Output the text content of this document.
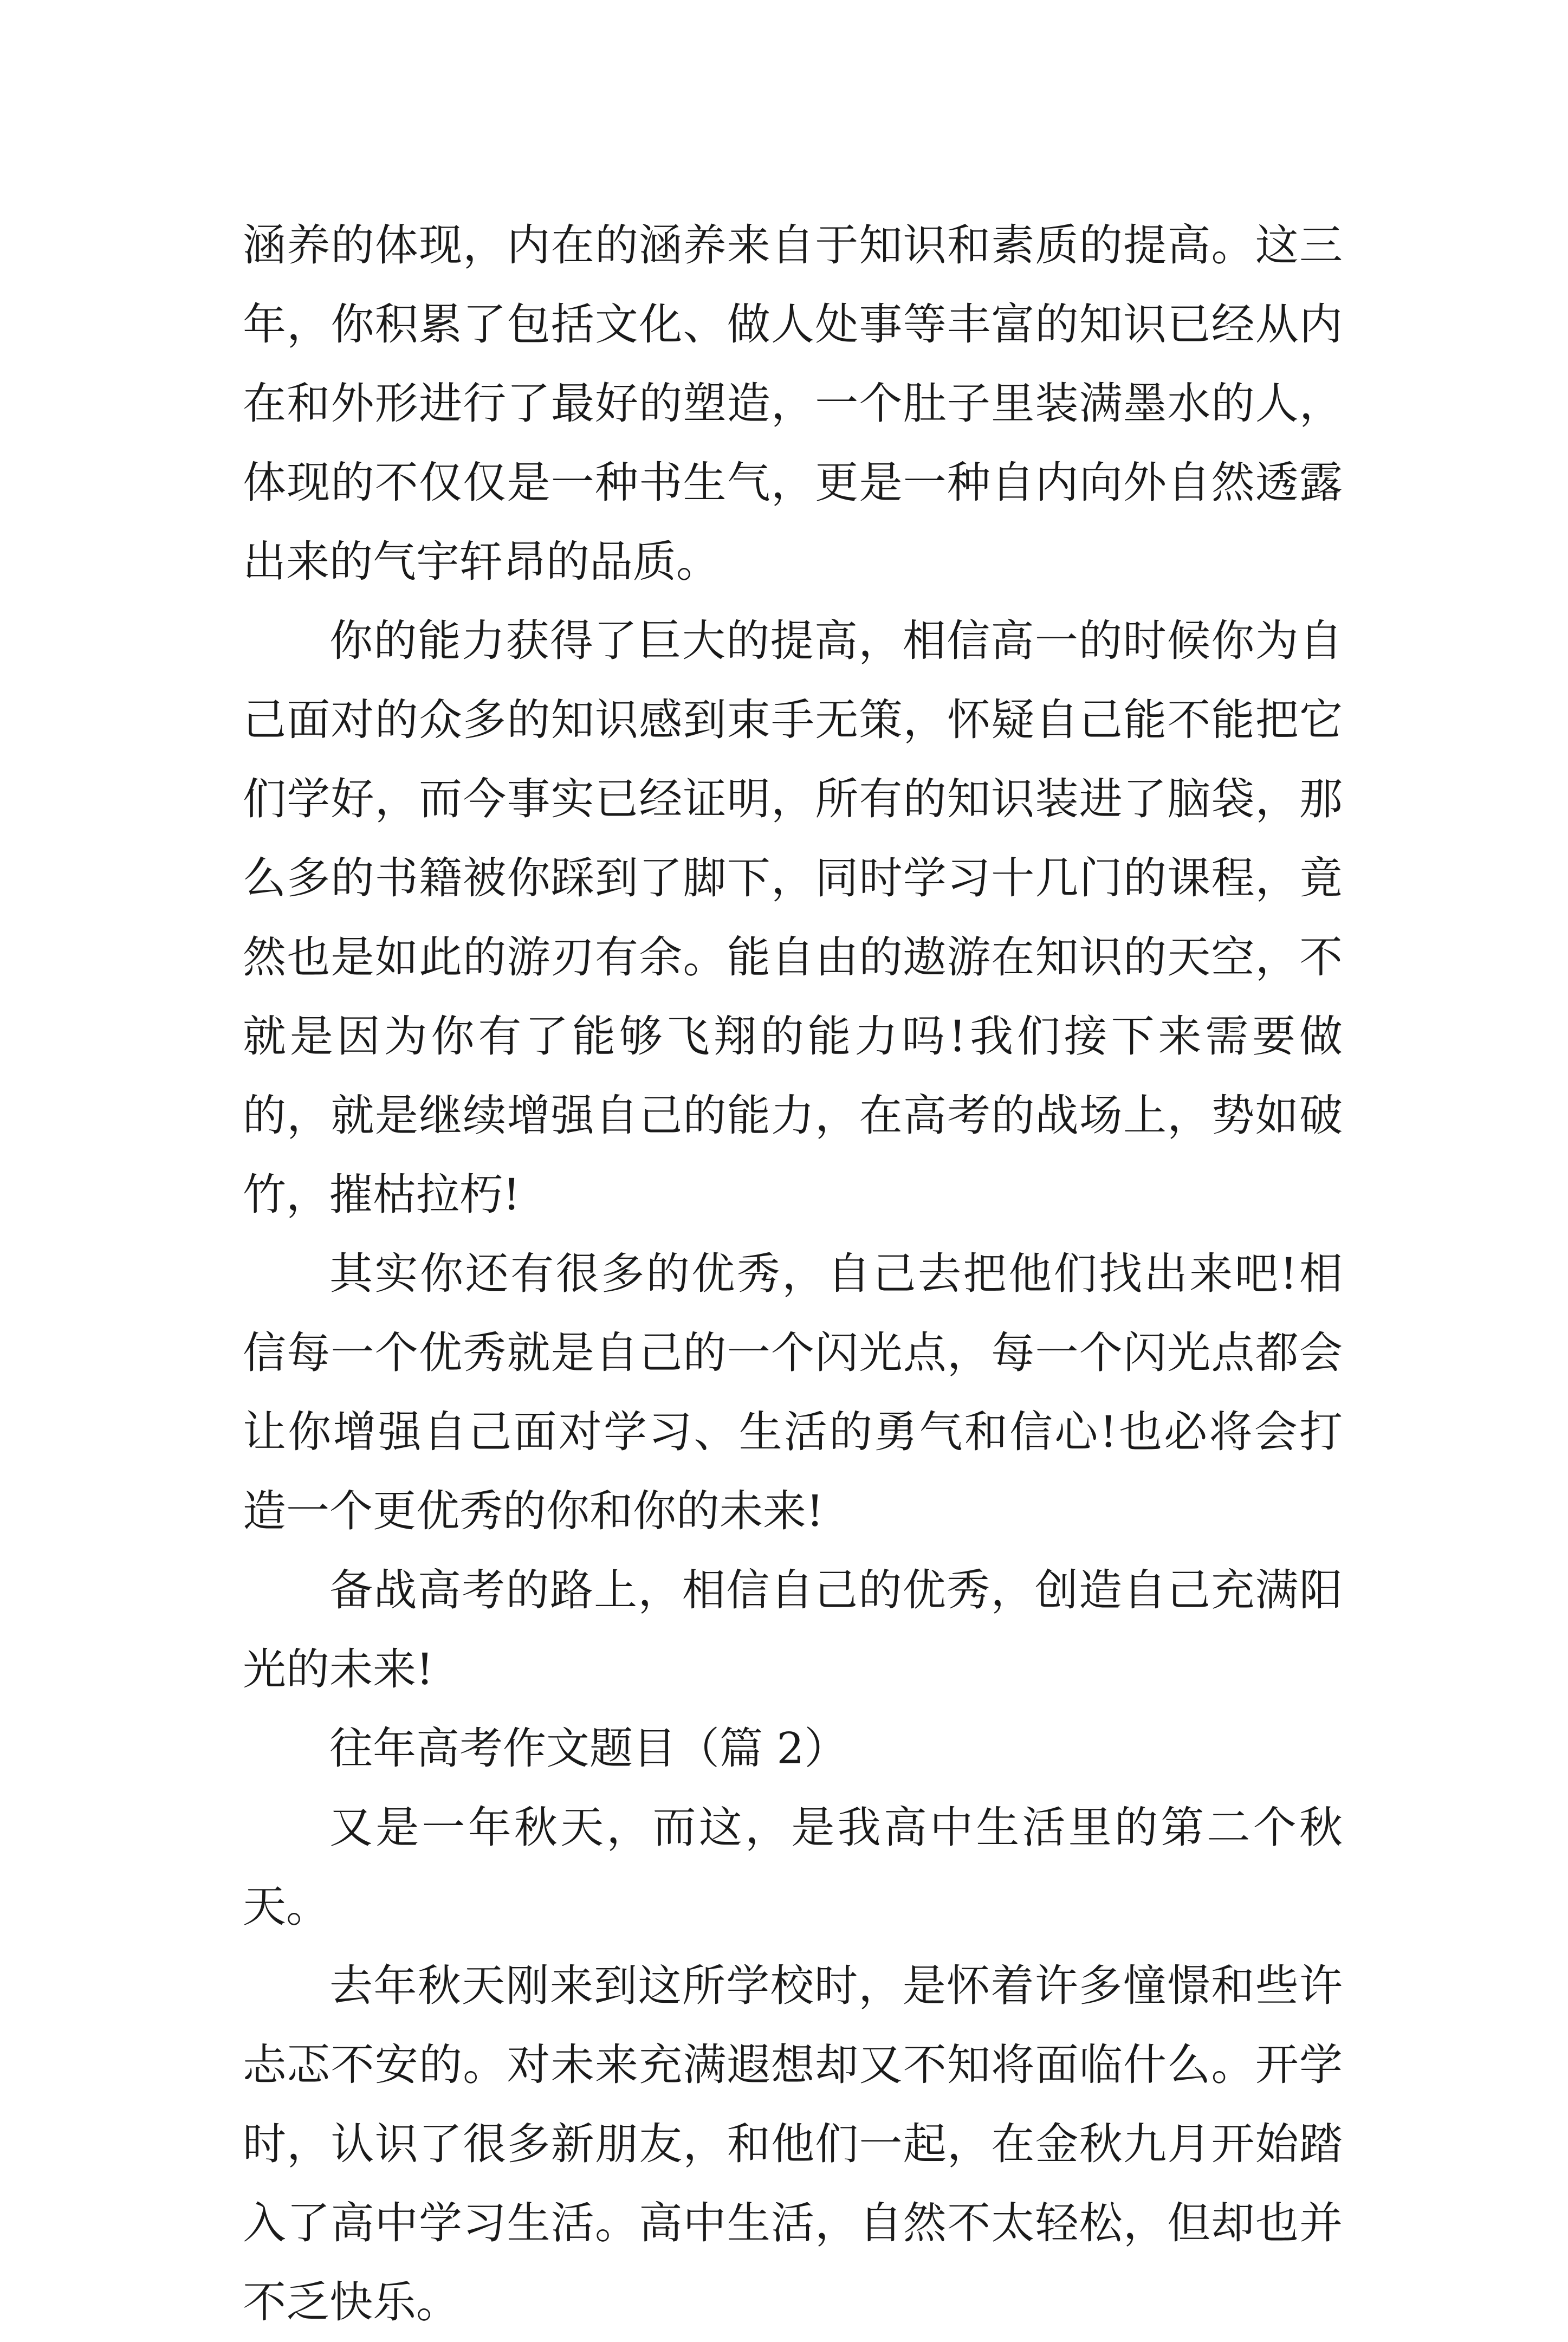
涵养的体现，内在的涵养来自于知识和素质的提高。这三年，你积累了包括文化、做人处事等丰富的知识已经从内在和外形进行了最好的塑造，一个肚子里装满墨水的人，体现的不仅仅是一种书生气，更是一种自内向外自然透露出来的气宇轩昂的品质。

你的能力获得了巨大的提高，相信高一的时候你为自己面对的众多的知识感到束手无策，怀疑自己能不能把它们学好，而今事实已经证明，所有的知识装进了脑袋，那么多的书籍被你踩到了脚下，同时学习十几门的课程，竟然也是如此的游刃有余。能自由的遨游在知识的天空，不就是因为你有了能够飞翔的能力吗!我们接下来需要做的，就是继续增强自己的能力，在高考的战场上，势如破竹，摧枯拉朽!

其实你还有很多的优秀，自己去把他们找出来吧!相信每一个优秀就是自己的一个闪光点，每一个闪光点都会让你增强自己面对学习、生活的勇气和信心!也必将会打造一个更优秀的你和你的未来!

备战高考的路上，相信自己的优秀，创造自己充满阳光的未来!

往年高考作文题目（篇 2）

又是一年秋天，而这，是我高中生活里的第二个秋天。

去年秋天刚来到这所学校时，是怀着许多憧憬和些许忐忑不安的。对未来充满遐想却又不知将面临什么。开学时，认识了很多新朋友，和他们一起，在金秋九月开始踏入了高中学习生活。高中生活，自然不太轻松，但却也并不乏快乐。
